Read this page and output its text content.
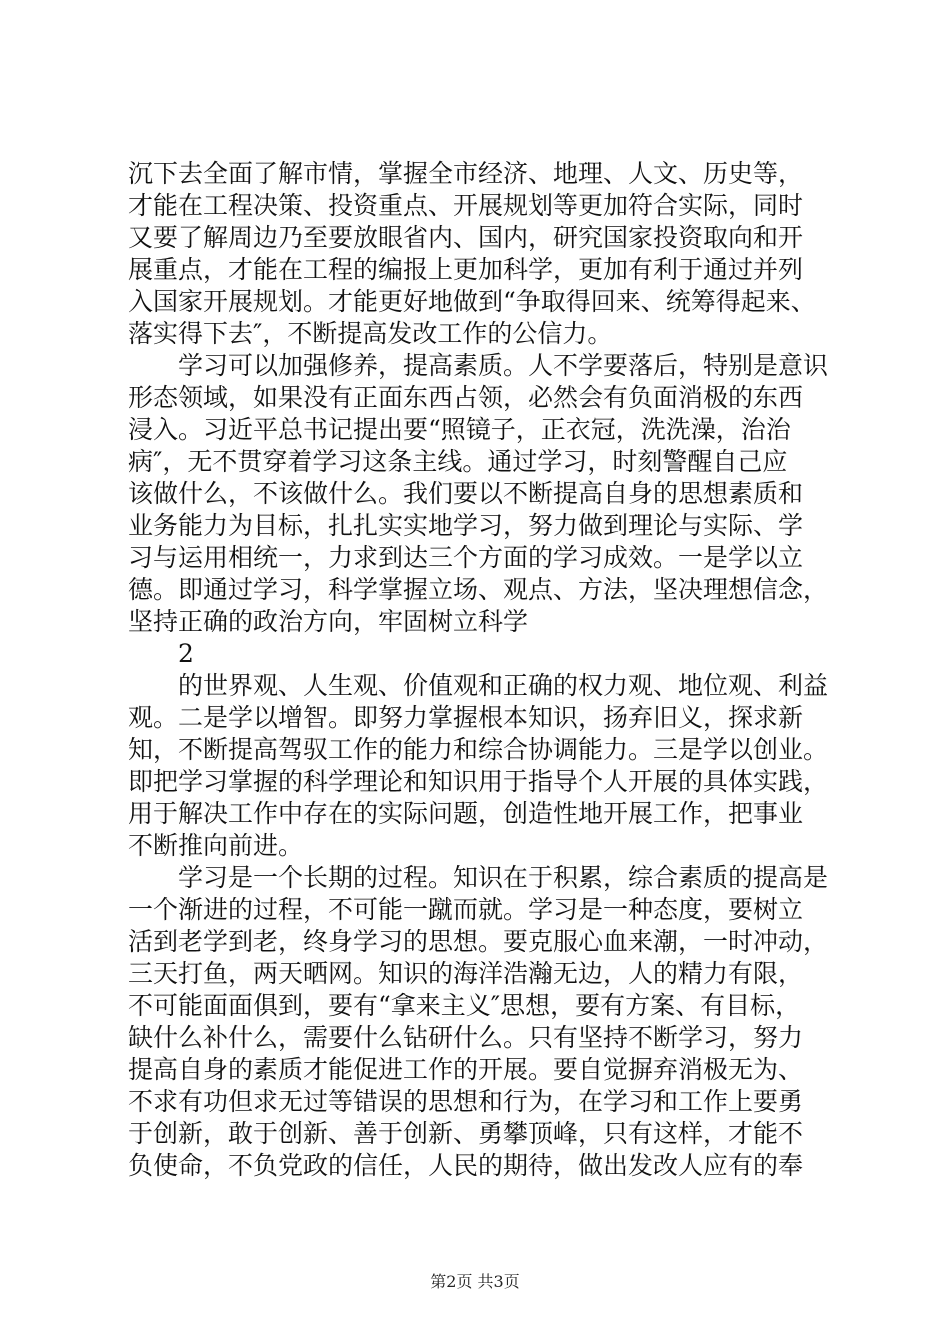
沉下去全面了解市情，掌握全市经济、地理、人文、历史等，
才能在工程决策、投资重点、开展规划等更加符合实际，同时
又要了解周边乃至要放眼省内、国内，研究国家投资取向和开
展重点，才能在工程的编报上更加科学，更加有利于通过并列
入国家开展规划。才能更好地做到“争取得回来、统筹得起来、
落实得下去″，不断提高发改工作的公信力。
学习可以加强修养，提高素质。人不学要落后，特别是意识
形态领域，如果没有正面东西占领，必然会有负面消极的东西
浸入。习近平总书记提出要“照镜子，正衣冠，洗洗澡，治治
病″，无不贯穿着学习这条主线。通过学习，时刻警醒自己应
该做什么，不该做什么。我们要以不断提高自身的思想素质和
业务能力为目标，扎扎实实地学习，努力做到理论与实际、学
习与运用相统一，力求到达三个方面的学习成效。一是学以立
德。即通过学习，科学掌握立场、观点、方法，坚决理想信念，
坚持正确的政治方向，牢固树立科学
2
的世界观、人生观、价值观和正确的权力观、地位观、利益
观。二是学以增智。即努力掌握根本知识，扬弃旧义，探求新
知，不断提高驾驭工作的能力和综合协调能力。三是学以创业。
即把学习掌握的科学理论和知识用于指导个人开展的具体实践，
用于解决工作中存在的实际问题，创造性地开展工作，把事业
不断推向前进。
学习是一个长期的过程。知识在于积累，综合素质的提高是
一个渐进的过程，不可能一蹴而就。学习是一种态度，要树立
活到老学到老，终身学习的思想。要克服心血来潮，一时冲动，
三天打鱼，两天晒网。知识的海洋浩瀚无边，人的精力有限，
不可能面面俱到，要有“拿来主义″思想，要有方案、有目标，
缺什么补什么，需要什么钻研什么。只有坚持不断学习，努力
提高自身的素质才能促进工作的开展。要自觉摒弃消极无为、
不求有功但求无过等错误的思想和行为，在学习和工作上要勇
于创新，敢于创新、善于创新、勇攀顶峰，只有这样，才能不
负使命，不负党政的信任，人民的期待，做出发改人应有的奉
第2页 共3页
